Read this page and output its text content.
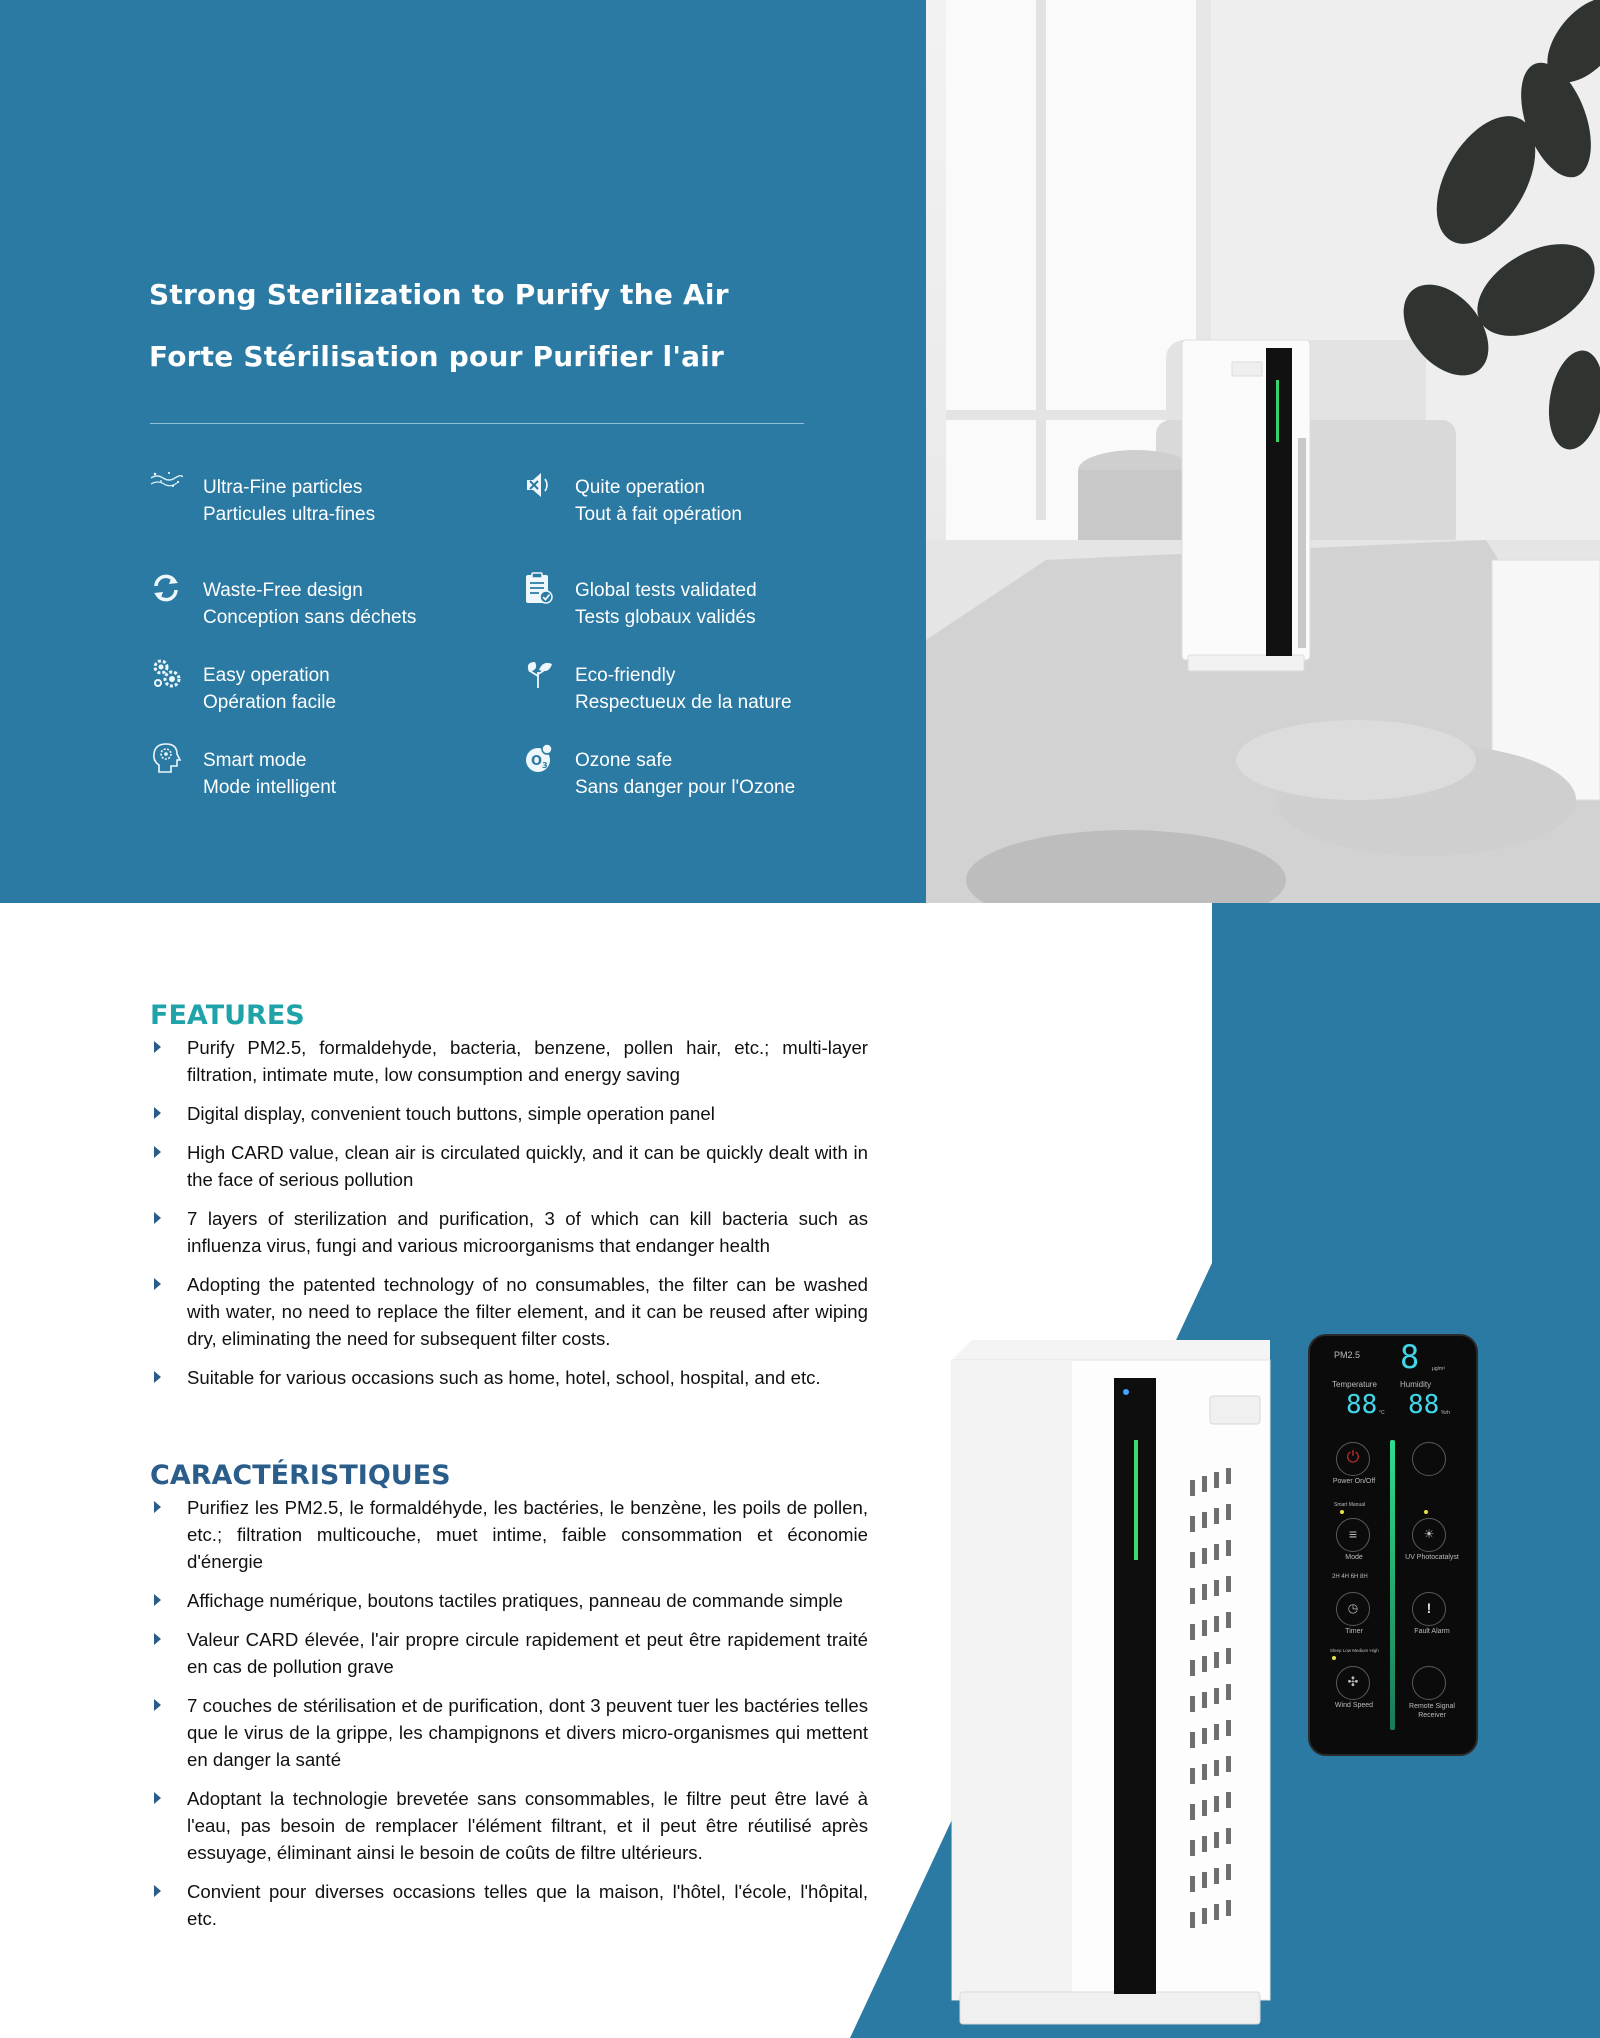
Strong Sterilization to Purify the Air
Forte Stérilisation pour Purifier l'air
Ultra-Fine particles
Particules ultra-fines
Quite operation
Tout à fait opération
Waste-Free design
Conception sans déchets
Global tests validated
Tests globaux validés
Easy operation
Opération facile
Eco-friendly
Respectueux de la nature
Smart mode
Mode intelligent
O 3 Ozone safe
Sans danger pour l'Ozone
FEATURES
Purify PM2.5, formaldehyde, bacteria, benzene, pollen hair, etc.; multi-layer filtration, intimate mute, low consumption and energy saving
Digital display, convenient touch buttons, simple operation panel
High CARD value, clean air is circulated quickly, and it can be quickly dealt with in the face of serious pollution
7 layers of sterilization and purification, 3 of which can kill bacteria such as influenza virus, fungi and various microorganisms that endanger health
Adopting the patented technology of no consumables, the filter can be washed with water, no need to replace the filter element, and it can be reused after wiping dry, eliminating the need for subsequent filter costs.
Suitable for various occasions such as home, hotel, school, hospital, and etc.
CARACTÉRISTIQUES
Purifiez les PM2.5, le formaldéhyde, les bactéries, le benzène, les poils de pollen, etc.; filtration multicouche, muet intime, faible consommation et économie d'énergie
Affichage numérique, boutons tactiles pratiques, panneau de commande simple
Valeur CARD élevée, l'air propre circule rapidement et peut être rapidement traité en cas de pollution grave
7 couches de stérilisation et de purification, dont 3 peuvent tuer les bactéries telles que le virus de la grippe, les champignons et divers micro-organismes qui mettent en danger la santé
Adoptant la technologie brevetée sans consommables, le filtre peut être lavé à l'eau, pas besoin de remplacer l'élément filtrant, et il peut être réutilisé après essuyage, éliminant ainsi le besoin de coûts de filtre ultérieurs.
Convient pour diverses occasions telles que la maison, l'hôtel, l'école, l'hôpital, etc.
PM2.5 8	μg/m³
Temperature	Humidity
88 °C 88 %rh
⏻
Power On/Off
Smart Manual
≡
Mode
☀
UV Photocatalyst
2H 4H 6H 8H
◷
Timer
!
Fault Alarm
Sleep Low Medium High
✣
Wind Speed	Remote Signal
Receiver
